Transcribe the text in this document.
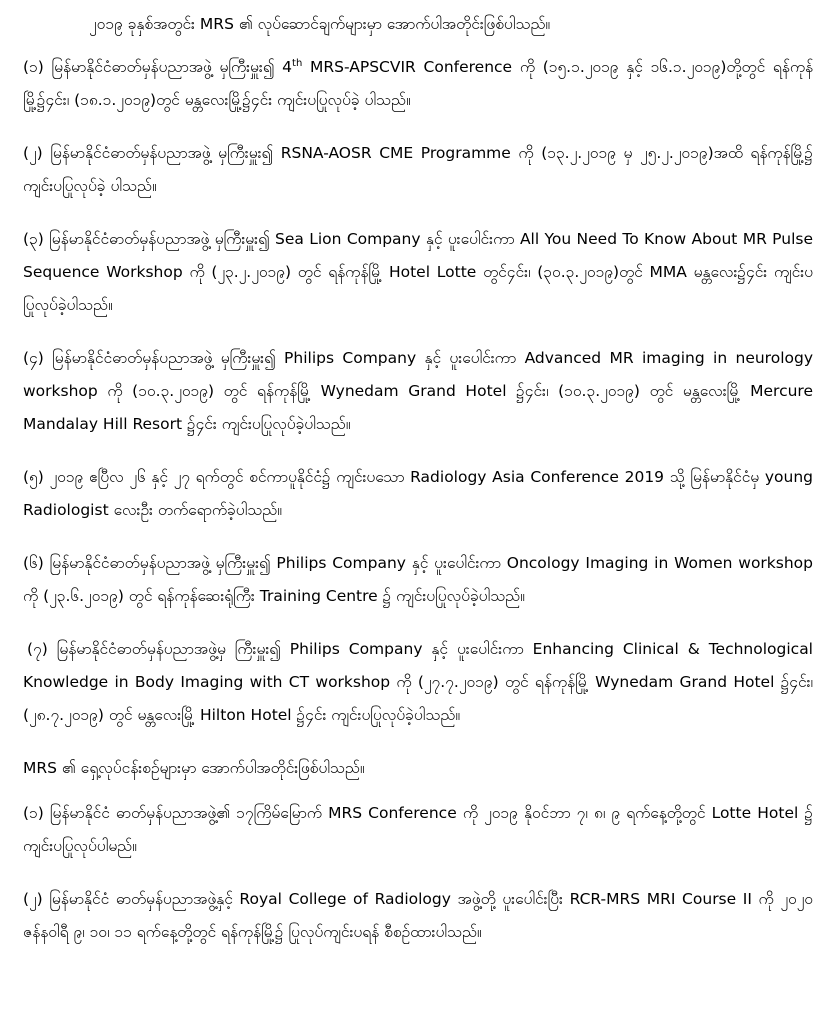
၂၀၁၉ ခုနှစ်အတွင်း MRS ၏ လုပ်ဆောင်ချက်များမှာ အောက်ပါအတိုင်းဖြစ်ပါသည်။

(၁) မြန်မာနိုင်ငံဓာတ်မှန်ပညာအဖွဲ့ မှကြီးမှူး၍ 4th MRS-APSCVIR Conference ကို (၁၅.၁.၂၀၁၉ နှင့် ၁၆.၁.၂၀၁၉)တို့တွင် ရန်ကုန်မြို့၌၄င်း၊ (၁၈.၁.၂၀၁၉)တွင် မန္တလေးမြို့၌၄င်း ကျင်းပပြုလုပ်ခဲ့ ပါသည်။

(၂) မြန်မာနိုင်ငံဓာတ်မှန်ပညာအဖွဲ့ မှကြီးမှူး၍ RSNA-AOSR CME Programme ကို (၁၃.၂.၂၀၁၉ မှ ၂၅.၂.၂၀၁၉)အထိ ရန်ကုန်မြို့၌ ကျင်းပပြုလုပ်ခဲ့ ပါသည်။

(၃) မြန်မာနိုင်ငံဓာတ်မှန်ပညာအဖွဲ့ မှကြီးမှူး၍ Sea Lion Company နှင့် ပူးပေါင်းကာ All You Need To Know About MR Pulse Sequence Workshop ကို (၂၃.၂.၂၀၁၉) တွင် ရန်ကုန်မြို့ Hotel Lotte တွင်၄င်း၊ (၃၀.၃.၂၀၁၉)တွင် MMA မန္တလေး၌၄င်း ကျင်းပပြုလုပ်ခဲ့ပါသည်။

(၄) မြန်မာနိုင်ငံဓာတ်မှန်ပညာအဖွဲ့ မှကြီးမှူး၍ Philips Company နှင့် ပူးပေါင်းကာ Advanced MR imaging in neurology workshop ကို (၁၀.၃.၂၀၁၉) တွင် ရန်ကုန်မြို့ Wynedam Grand Hotel ၌၄င်း၊ (၁၀.၃.၂၀၁၉) တွင် မန္တလေးမြို့ Mercure Mandalay Hill Resort ၌၄င်း ကျင်းပပြုလုပ်ခဲ့ပါသည်။

(၅) ၂၀၁၉ ဧပြီလ ၂၆ နှင့် ၂၇ ရက်တွင် စင်ကာပူနိုင်ငံ၌ ကျင်းပသော Radiology Asia Conference 2019 သို့ မြန်မာနိုင်ငံမှ young Radiologist လေးဦး တက်ရောက်ခဲ့ပါသည်။

(၆) မြန်မာနိုင်ငံဓာတ်မှန်ပညာအဖွဲ့ မှကြီးမှူး၍ Philips Company နှင့် ပူးပေါင်းကာ Oncology Imaging in Women workshop ကို (၂၃.၆.၂၀၁၉) တွင် ရန်ကုန်ဆေးရုံကြီး Training Centre ၌ ကျင်းပပြုလုပ်ခဲ့ပါသည်။

(၇) မြန်မာနိုင်ငံဓာတ်မှန်ပညာအဖွဲ့မှ ကြီးမှူး၍ Philips Company နှင့် ပူးပေါင်းကာ Enhancing Clinical & Technological Knowledge in Body Imaging with CT workshop ကို (၂၇.၇.၂၀၁၉) တွင် ရန်ကုန်မြို့ Wynedam Grand Hotel ၌၄င်း၊ (၂၈.၇.၂၀၁၉) တွင် မန္တလေးမြို့ Hilton Hotel ၌၄င်း ကျင်းပပြုလုပ်ခဲ့ပါသည်။

MRS ၏ ရှေ့လုပ်ငန်းစဉ်များမှာ အောက်ပါအတိုင်းဖြစ်ပါသည်။

(၁) မြန်မာနိုင်ငံ ဓာတ်မှန်ပညာအဖွဲ့၏ ၁၇ကြိမ်မြောက် MRS Conference ကို ၂၀၁၉ နိုဝင်ဘာ ၇၊ ၈၊ ၉ ရက်နေ့တို့တွင် Lotte Hotel ၌ ကျင်းပပြုလုပ်ပါမည်။

(၂) မြန်မာနိုင်ငံ ဓာတ်မှန်ပညာအဖွဲ့နှင့် Royal College of Radiology အဖွဲ့တို့ ပူးပေါင်းပြီး RCR-MRS MRI Course II ကို ၂၀၂၀ ဇန်နဝါရီ ၉၊ ၁၀၊ ၁၁ ရက်နေ့တို့တွင် ရန်ကုန်မြို့၌ ပြုလုပ်ကျင်းပရန် စီစဉ်ထားပါသည်။
